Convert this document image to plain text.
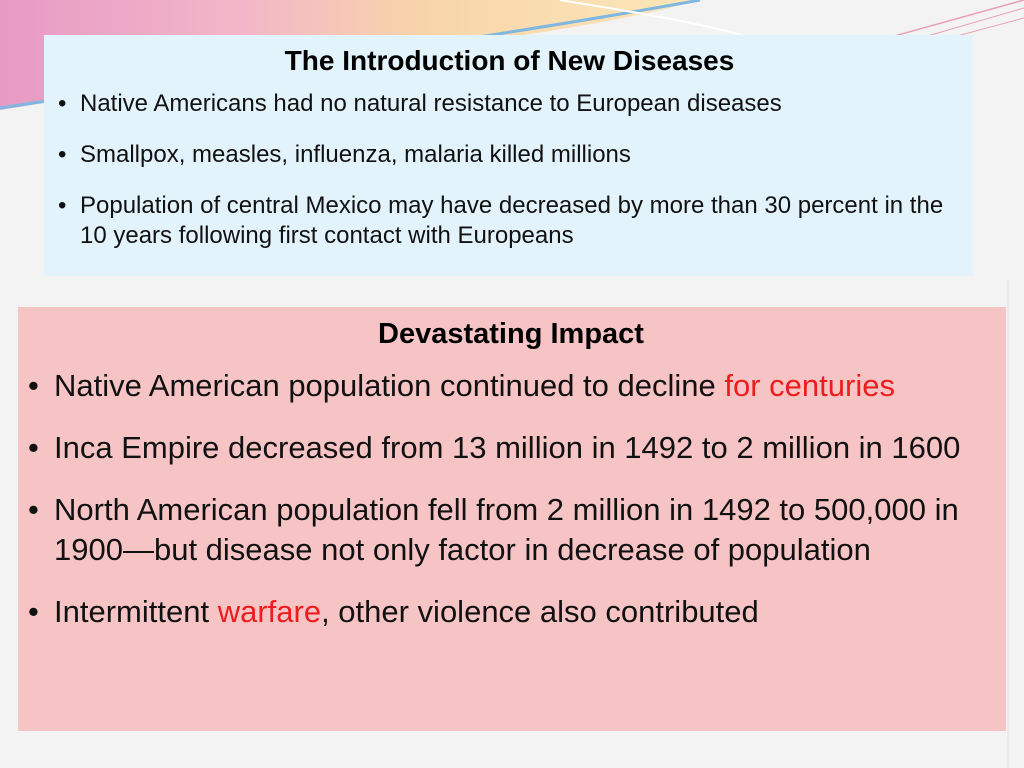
The Introduction of New Diseases
• Native Americans had no natural resistance to European diseases
• Smallpox, measles, influenza, malaria killed millions
• Population of central Mexico may have decreased by more than 30 percent in the 10 years following first contact with Europeans
Devastating Impact
• Native American population continued to decline for centuries
• Inca Empire decreased from 13 million in 1492 to 2 million in 1600
• North American population fell from 2 million in 1492 to 500,000 in 1900—but disease not only factor in decrease of population
• Intermittent warfare, other violence also contributed
